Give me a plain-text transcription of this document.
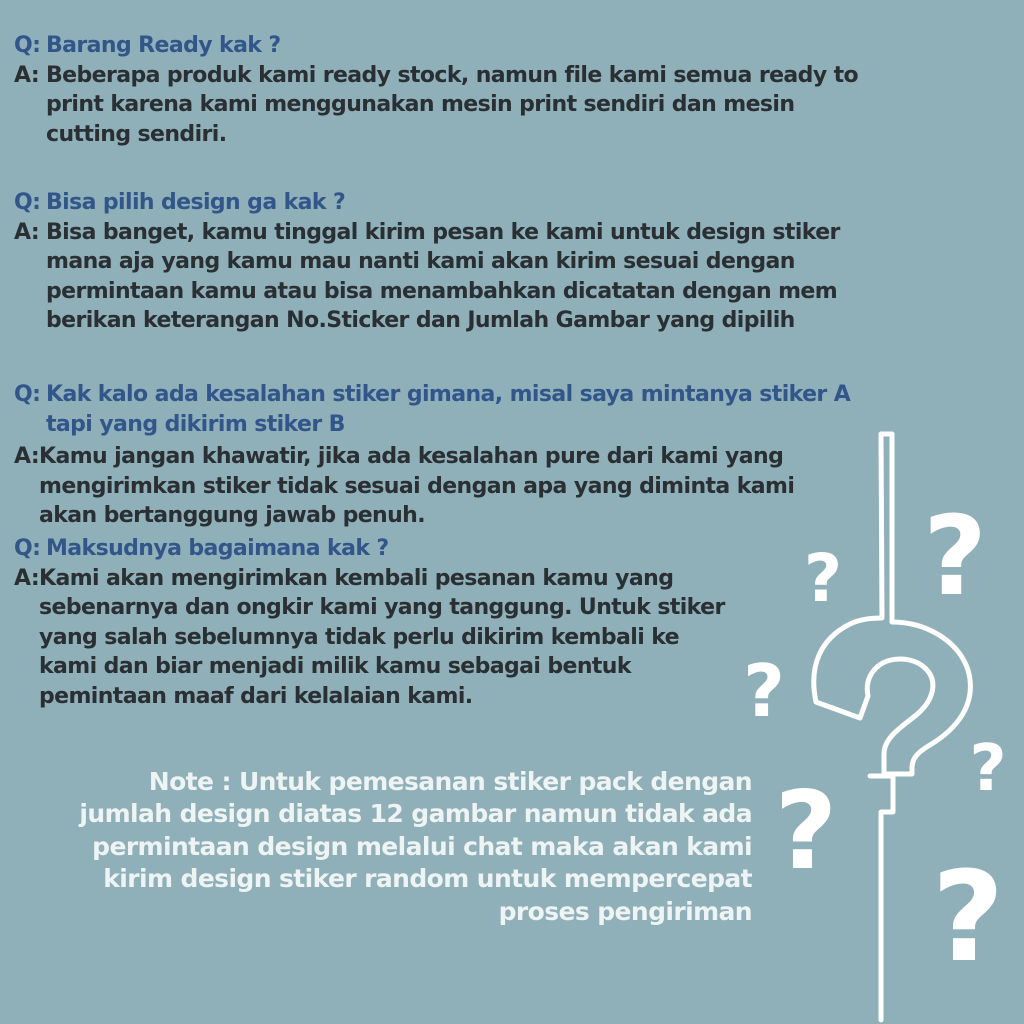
Q: Barang Ready kak ?
A: Beberapa produk kami ready stock, namun file kami semua ready to
print karena kami menggunakan mesin print sendiri dan mesin
cutting sendiri.
Q: Bisa pilih design ga kak ?
A: Bisa banget, kamu tinggal kirim pesan ke kami untuk design stiker
mana aja yang kamu mau nanti kami akan kirim sesuai dengan
permintaan kamu atau bisa menambahkan dicatatan dengan mem
berikan keterangan No.Sticker dan Jumlah Gambar yang dipilih
Q: Kak kalo ada kesalahan stiker gimana, misal saya mintanya stiker A
tapi yang dikirim stiker B
A: Kamu jangan khawatir, jika ada kesalahan pure dari kami yang
mengirimkan stiker tidak sesuai dengan apa yang diminta kami
akan bertanggung jawab penuh.
Q: Maksudnya bagaimana kak ?
A: Kami akan mengirimkan kembali pesanan kamu yang
sebenarnya dan ongkir kami yang tanggung. Untuk stiker
yang salah sebelumnya tidak perlu dikirim kembali ke
kami dan biar menjadi milik kamu sebagai bentuk
pemintaan maaf dari kelalaian kami.
Note : Untuk pemesanan stiker pack dengan
jumlah design diatas 12 gambar namun tidak ada
permintaan design melalui chat maka akan kami
kirim design stiker random untuk mempercepat
proses pengiriman
?
?
?
?
?
?
